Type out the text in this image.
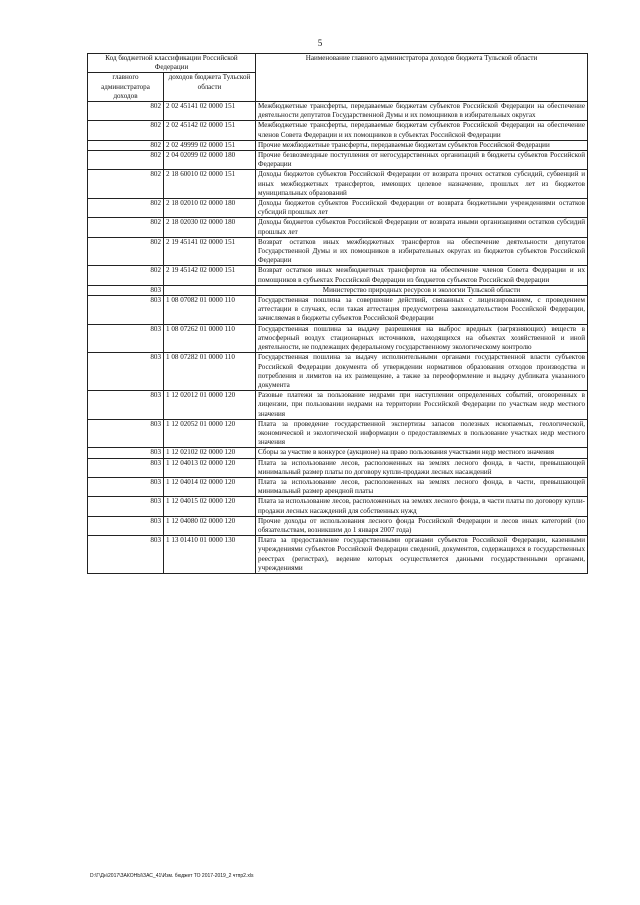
5
Код бюджетной классификации Российской Федерации		Наименование главного администратора доходов бюджета Тульской области
главного администратора доходов	доходов бюджета Тульской области	
802	2 02 45141 02 0000 151	Межбюджетные трансферты, передаваемые бюджетам субъектов Российской Федерации на обеспечение деятельности депутатов Государственной Думы и их помощников в избирательных округах
802	2 02 45142 02 0000 151	Межбюджетные трансферты, передаваемые бюджетам субъектов Российской Федерации на обеспечение членов Совета Федерации и их помощников в субъектах Российской Федерации
802	2 02 49999 02 0000 151	Прочие межбюджетные трансферты, передаваемые бюджетам субъектов Российской Федерации
802	2 04 02099 02 0000 180	Прочие безвозмездные поступления от негосударственных организаций в бюджеты субъектов Российской Федерации
802	2 18 60010 02 0000 151	Доходы бюджетов субъектов Российской Федерации от возврата прочих остатков субсидий, субвенций и иных межбюджетных трансфертов, имеющих целевое назначение, прошлых лет из бюджетов муниципальных образований
802	2 18 02010 02 0000 180	Доходы бюджетов субъектов Российской Федерации от возврата бюджетными учреждениями остатков субсидий прошлых лет
802	2 18 02030 02 0000 180	Доходы бюджетов субъектов Российской Федерации от возврата иными организациями остатков субсидий прошлых лет
802	2 19 45141 02 0000 151	Возврат остатков иных межбюджетных трансфертов на обеспечение деятельности депутатов Государственной Думы и их помощников в избирательных округах из бюджетов субъектов Российской Федерации
802	2 19 45142 02 0000 151	Возврат остатков иных межбюджетных трансфертов на обеспечение членов Совета Федерации и их помощников в субъектах Российской Федерации из бюджетов субъектов Российской Федерации
803		Министерство природных ресурсов и экологии Тульской области
803	1 08 07082 01 0000 110	Государственная пошлина за совершение действий, связанных с лицензированием, с проведением аттестации в случаях, если такая аттестация предусмотрена законодательством Российской Федерации, зачисляемая в бюджеты субъектов Российской Федерации
803	1 08 07262 01 0000 110	Государственная пошлина за выдачу разрешения на выброс вредных (загрязняющих) веществ в атмосферный воздух стационарных источников, находящихся на объектах хозяйственной и иной деятельности, не подлежащих федеральному государственному экологическому контролю
803	1 08 07282 01 0000 110	Государственная пошлина за выдачу исполнительными органами государственной власти субъектов Российской Федерации документа об утверждении нормативов образования отходов производства и потребления и лимитов на их размещение, а также за переоформление и выдачу дубликата указанного документа
803	1 12 02012 01 0000 120	Разовые платежи за пользование недрами при наступлении определенных событий, оговоренных в лицензии, при пользовании недрами на территории Российской Федерации по участкам недр местного значения
803	1 12 02052 01 0000 120	Плата за проведение государственной экспертизы запасов полезных ископаемых, геологической, экономической и экологической информации о предоставляемых в пользование участках недр местного значения
803	1 12 02102 02 0000 120	Сборы за участие в конкурсе (аукционе) на право пользования участками недр местного значения
803	1 12 04013 02 0000 120	Плата за использование лесов, расположенных на землях лесного фонда, в части, превышающей минимальный размер платы по договору купли-продажи лесных насаждений
803	1 12 04014 02 0000 120	Плата за использование лесов, расположенных на землях лесного фонда, в части, превышающей минимальный размер арендной платы
803	1 12 04015 02 0000 120	Плата за использование лесов, расположенных на землях лесного фонда, в части платы по договору купли-продажи лесных насаждений для собственных нужд
803	1 12 04080 02 0000 120	Прочие доходы от использования лесного фонда Российской Федерации и лесов иных категорий (по обязательствам, возникшим до 1 января 2007 года)
803	1 13 01410 01 0000 130	Плата за предоставление государственными органами субъектов Российской Федерации, казенными учреждениями субъектов Российской Федерации сведений, документов, содержащихся в государственных реестрах (регистрах), ведение которых осуществляется данными государственными органами, учреждениями
D:\Г\Дн\2017\ЗАКОНЫ\ЗАС_41\Изм. бюджет ТО 2017-2019_2 чтпр2.xls
